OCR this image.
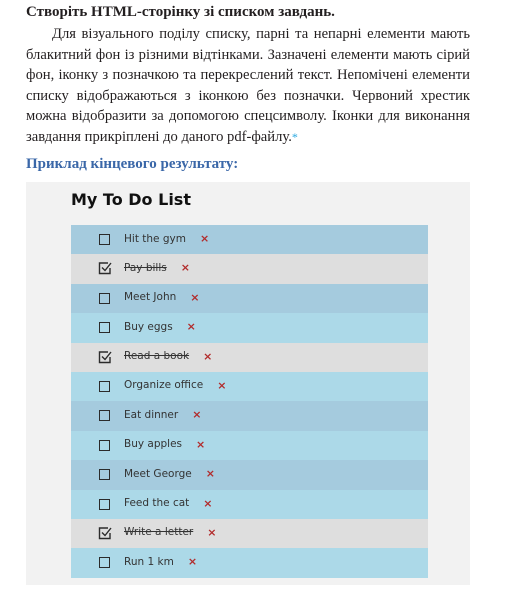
Створіть HTML-сторінку зі списком завдань.

Для візуального поділу списку, парні та непарні елементи мають блакитний фон із різними відтінками. Зазначені елементи мають сірий фон, іконку з позначкою та перекреслений текст. Непомічені елементи списку відображаються з іконкою без позначки. Червоний хрестик можна відобразити за допомогою спецсимволу. Іконки для виконання завдання прикріплені до даного pdf-файлу.*

Приклад кінцевого результату:
My To Do List
Hit the gym ×
Pay bills ×
Meet John ×
Buy eggs ×
Read a book ×
Organize office ×
Eat dinner ×
Buy apples ×
Meet George ×
Feed the cat ×
Write a letter ×
Run 1 km ×
